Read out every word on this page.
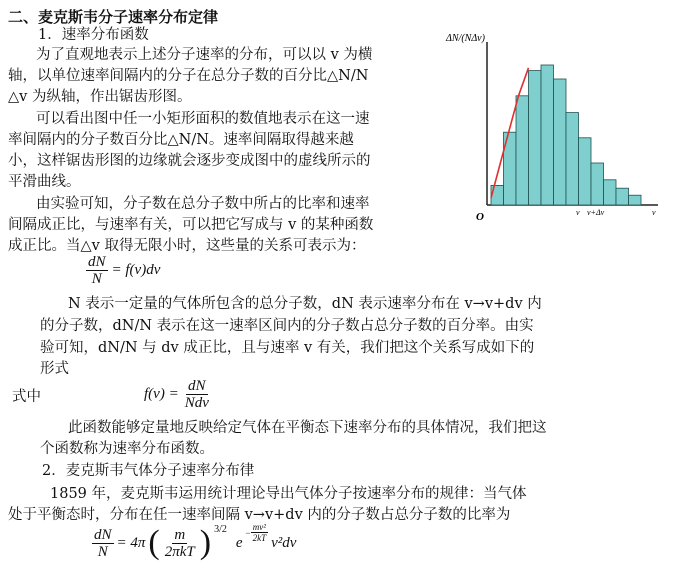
二、麦克斯韦分子速率分布定律
1．速率分布函数
为了直观地表示上述分子速率的分布，可以以 v 为横
轴，以单位速率间隔内的分子在总分子数的百分比△N/N
△v 为纵轴，作出锯齿形图。
可以看出图中任一小矩形面积的数值地表示在这一速
率间隔内的分子数百分比△N/N。速率间隔取得越来越
小，这样锯齿形图的边缘就会逐步变成图中的虚线所示的
平滑曲线。
由实验可知，分子数在总分子数中所占的比率和速率
间隔成正比，与速率有关，可以把它写成与 v 的某种函数
成正比。当△v 取得无限小时，这些量的关系可表示为：
$\frac{dN}{N} = f(v)dv$
N 表示一定量的气体所包含的总分子数，dN 表示速率分布在 v→v+dv 内
的分子数，dN/N 表示在这一速率区间内的分子数占总分子数的百分率。由实
验可知，dN/N 与 dv 成正比，且与速率 v 有关，我们把这个关系写成如下的
形式
式中	$f(v) = \frac{dN}{\text{Ndv}}$
此函数能够定量地反映给定气体在平衡态下速率分布的具体情况，我们把这
个函数称为速率分布函数。
2．麦克斯韦气体分子速率分布律
1859 年，麦克斯韦运用统计理论导出气体分子按速率分布的规律：当气体
处于平衡态时，分布在任一速率间隔 v→v+dv 内的分子数占总分子数的比率为
$\frac{dN}{N} = 4\pi$ ( $\frac{m}{\text{2πkT}}$ ) 3/2
e
− $\frac{\text{mv²}}{2kT} v^2dv$
ΔN/(NΔv)
O	v v+Δv	v
